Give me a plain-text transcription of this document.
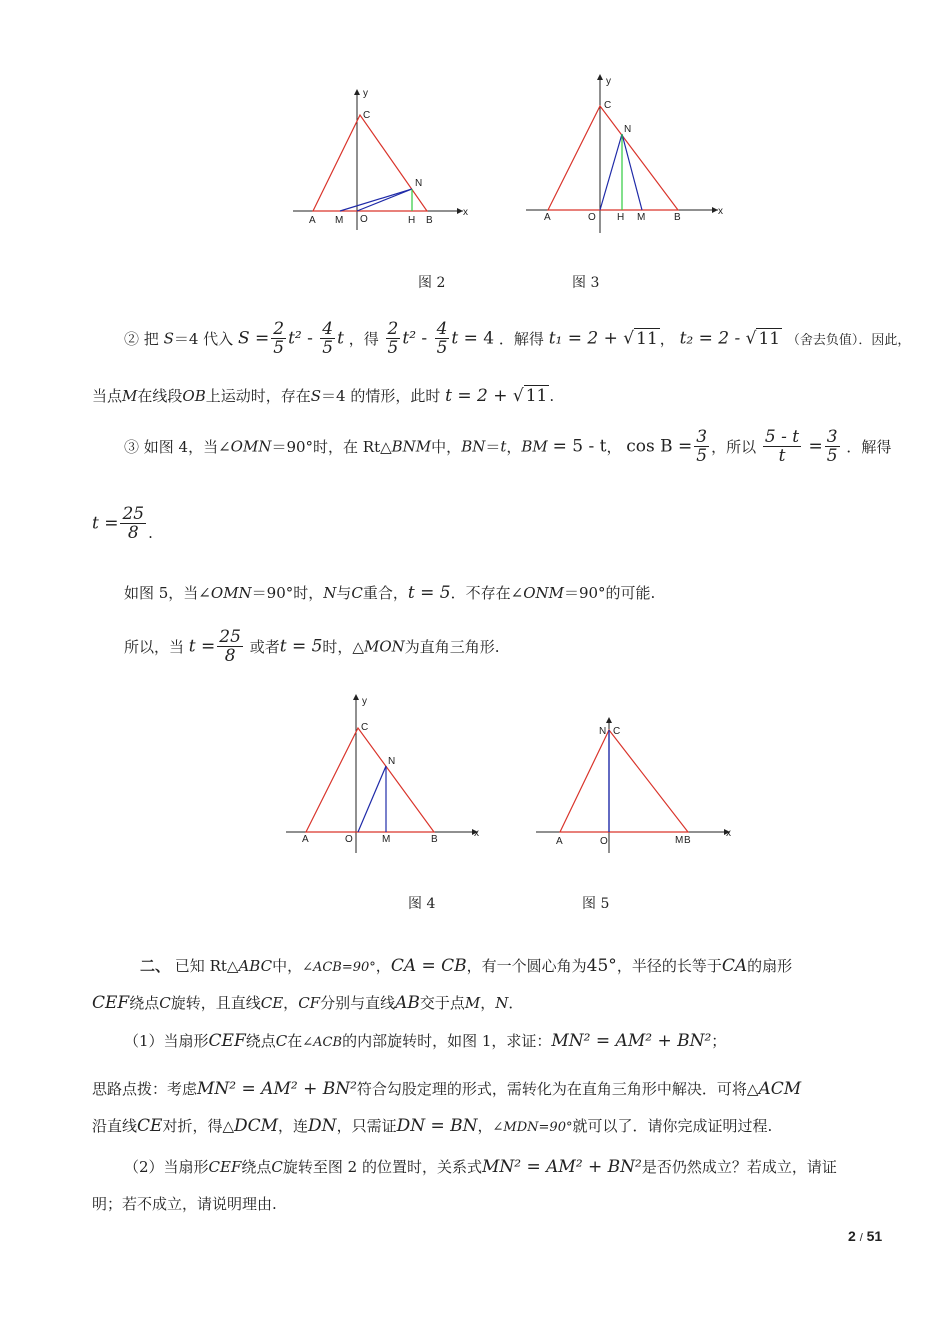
y
C
N
A M O	H B
x
y
C
N
A	O H M	B
x
图 2	图 3
② 把 S＝4 代入 $S = \frac{2}{5} t^2 - \frac{4}{5}$ t ，得 $\frac{2}{5} t^2 - \frac{4}{5}$ t = 4 ．解得 t₁ = 2 + √ 11 ， t₂ = 2 - √ 11 （舍去负值）．因此，
当点M在线段OB上运动时，存在S＝4 的情形，此时 t = 2 + √ 11 .
③ 如图 4，当∠OMN＝90°时，在 Rt△BNM中，BN＝t，BM = 5 - t， $\cos B = \frac{3}{5}$ ，所以 $\frac{5 - t}{t} = \frac{3}{5}$ ．解得
$t = \frac{25}{8}$ .
如图 5，当∠OMN＝90°时，N与C重合，t = 5．不存在∠ONM＝90°的可能.
所以，当 $t = \frac{25}{8}$ 或者t = 5时，△MON为直角三角形.
y
C
N
A	O	M	B
x
N C
A	O	M B
x
图 4	图 5
二、 已知 Rt△ABC中，∠ACB=90°，CA = CB，有一个圆心角为45°，半径的长等于CA的扇形
CEF绕点C旋转，且直线CE，CF分别与直线AB交于点M，N．
（1）当扇形CEF绕点C在∠ACB的内部旋转时，如图 1，求证：MN² = AM² + BN²；
思路点拨：考虑MN² = AM² + BN²符合勾股定理的形式，需转化为在直角三角形中解决．可将△ACM
沿直线CE对折，得△DCM，连DN，只需证DN = BN，∠MDN=90°就可以了．请你完成证明过程.
（2）当扇形CEF绕点C旋转至图 2 的位置时，关系式MN² = AM² + BN²是否仍然成立？若成立，请证
明；若不成立，请说明理由.
2 / 51
